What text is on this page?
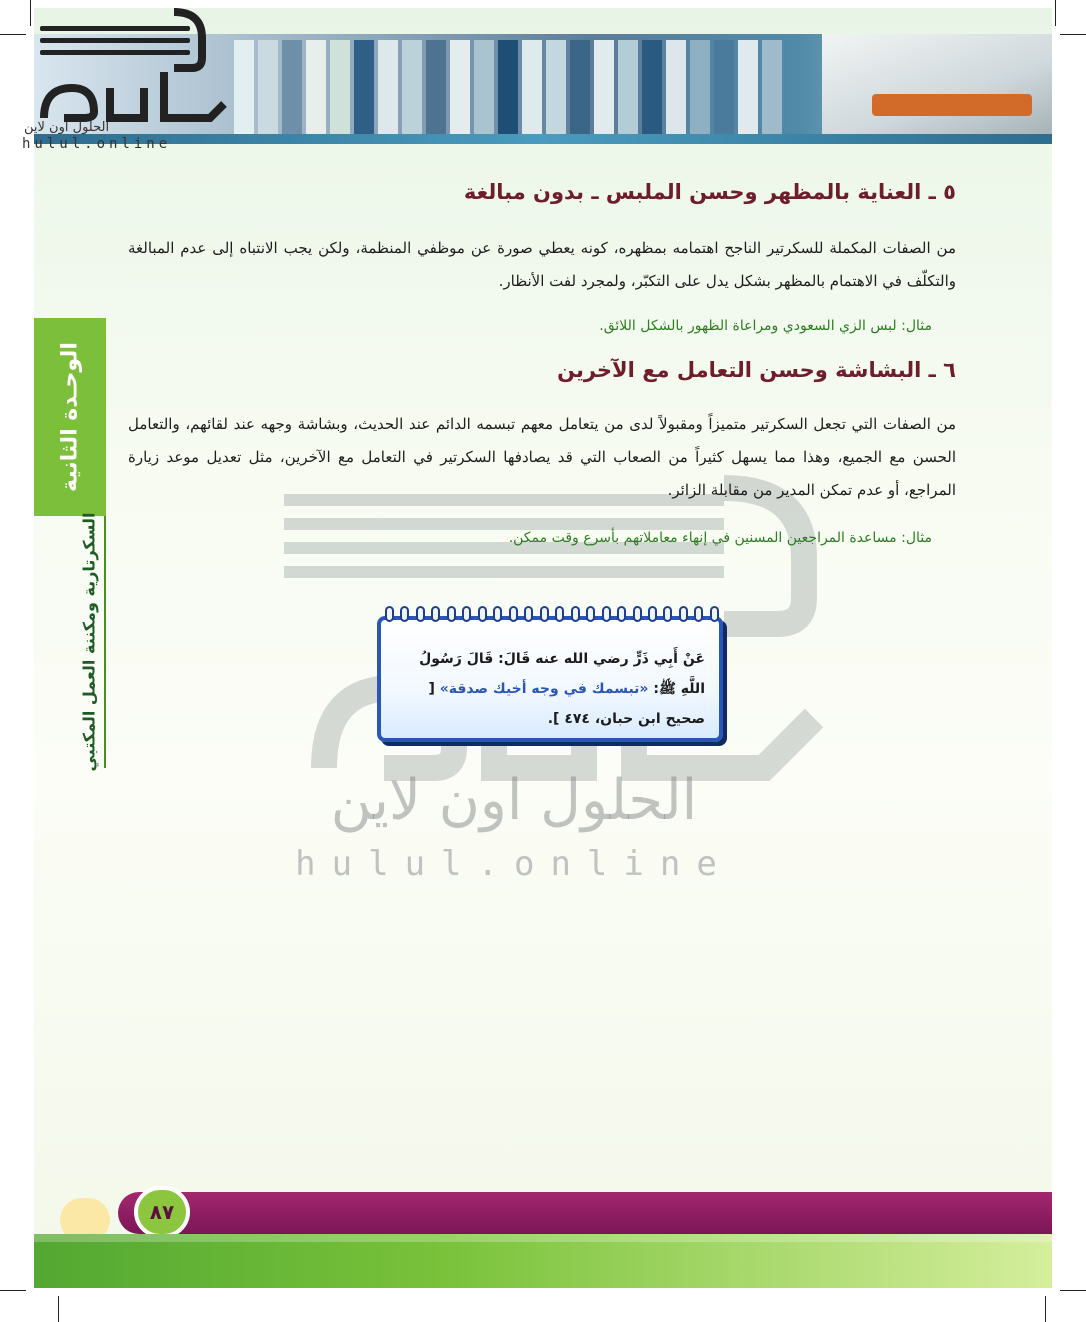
الحلول اون لاين
hulul.online
الوحـدة الثانية
السكرتارية ومكننة العمل المكتبي
الحلول اون لاين
hulul.online
٥ ـ العناية بالمظهر وحسن الملبس ـ بدون مبالغة
من الصفات المكملة للسكرتير الناجح اهتمامه بمظهره، كونه يعطي صورة عن موظفي المنظمة، ولكن يجب الانتباه إلى عدم المبالغة والتكلّف في الاهتمام بالمظهر بشكل يدل على التكبّر، ولمجرد لفت الأنظار.
مثال: لبس الزي السعودي ومراعاة الظهور بالشكل اللائق.
٦ ـ البشاشة وحسن التعامل مع الآخرين
من الصفات التي تجعل السكرتير متميزاً ومقبولاً لدى من يتعامل معهم تبسمه الدائم عند الحديث، وبشاشة وجهه عند لقائهم، والتعامل الحسن مع الجميع، وهذا مما يسهل كثيراً من الصعاب التي قد يصادفها السكرتير في التعامل مع الآخرين، مثل تعديل موعد زيارة المراجع، أو عدم تمكن المدير من مقابلة الزائر.
مثال: مساعدة المراجعين المسنين في إنهاء معاملاتهم بأسرع وقت ممكن.
عَنْ أَبِي ذَرٍّ رضي الله عنه قَالَ: قَالَ رَسُولُ اللَّهِ ﷺ: «تبسمك في وجه أخيك صدقة» [ صحيح ابن حبان، ٤٧٤ ].
٨٧
